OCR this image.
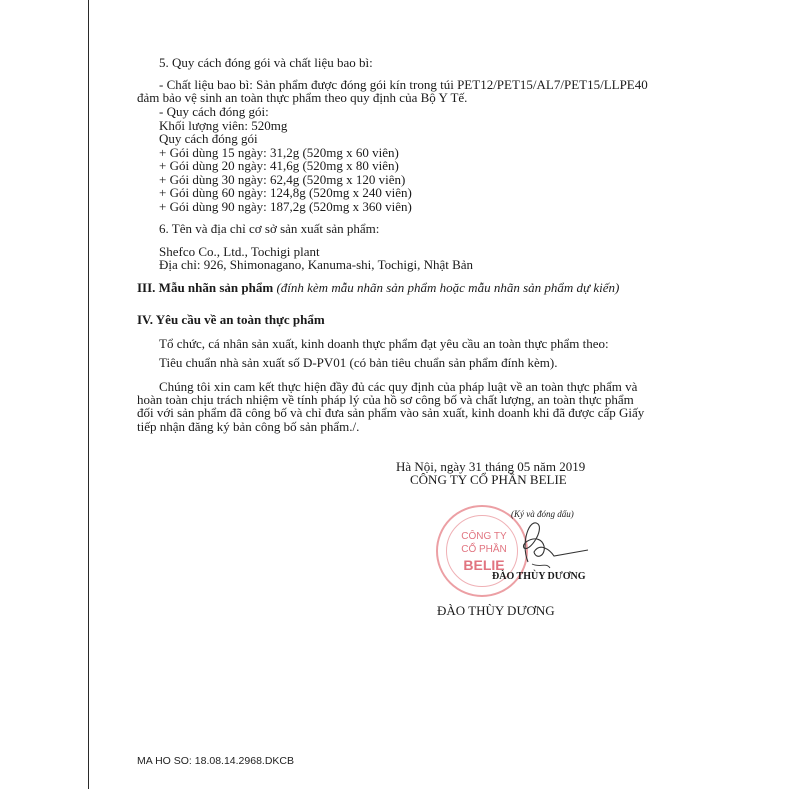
5. Quy cách đóng gói và chất liệu bao bì:
- Chất liệu bao bì: Sản phẩm được đóng gói kín trong túi PET12/PET15/AL7/PET15/LLPE40
đảm bảo vệ sinh an toàn thực phẩm theo quy định của Bộ Y Tế.
- Quy cách đóng gói:
Khối lượng viên: 520mg
Quy cách đóng gói
+ Gói dùng 15 ngày: 31,2g (520mg x 60 viên)
+ Gói dùng 20 ngày: 41,6g (520mg x 80 viên)
+ Gói dùng 30 ngày: 62,4g (520mg x 120 viên)
+ Gói dùng 60 ngày: 124,8g (520mg x 240 viên)
+ Gói dùng 90 ngày: 187,2g (520mg x 360 viên)
6. Tên và địa chỉ cơ sở sản xuất sản phẩm:
Shefco Co., Ltd., Tochigi plant
Địa chỉ: 926, Shimonagano, Kanuma-shi, Tochigi, Nhật Bản
III. Mẫu nhãn sản phẩm (đính kèm mẫu nhãn sản phẩm hoặc mẫu nhãn sản phẩm dự kiến)
IV. Yêu cầu về an toàn thực phẩm
Tổ chức, cá nhân sản xuất, kinh doanh thực phẩm đạt yêu cầu an toàn thực phẩm theo:
Tiêu chuẩn nhà sản xuất số D-PV01 (có bản tiêu chuẩn sản phẩm đính kèm).
Chúng tôi xin cam kết thực hiện đầy đủ các quy định của pháp luật về an toàn thực phẩm và
hoàn toàn chịu trách nhiệm về tính pháp lý của hồ sơ công bố và chất lượng, an toàn thực phẩm
đối với sản phẩm đã công bố và chỉ đưa sản phẩm vào sản xuất, kinh doanh khi đã được cấp Giấy
tiếp nhận đăng ký bản công bố sản phẩm./.
Hà Nội, ngày 31 tháng 05 năm 2019
CÔNG TY CỔ PHẦN BELIE
CÔNG TY
CỔ PHẦN
BELIE
(Ký và đóng dấu)
ĐÀO THÙY DƯƠNG
ĐÀO THÙY DƯƠNG
MA HO SO: 18.08.14.2968.DKCB
